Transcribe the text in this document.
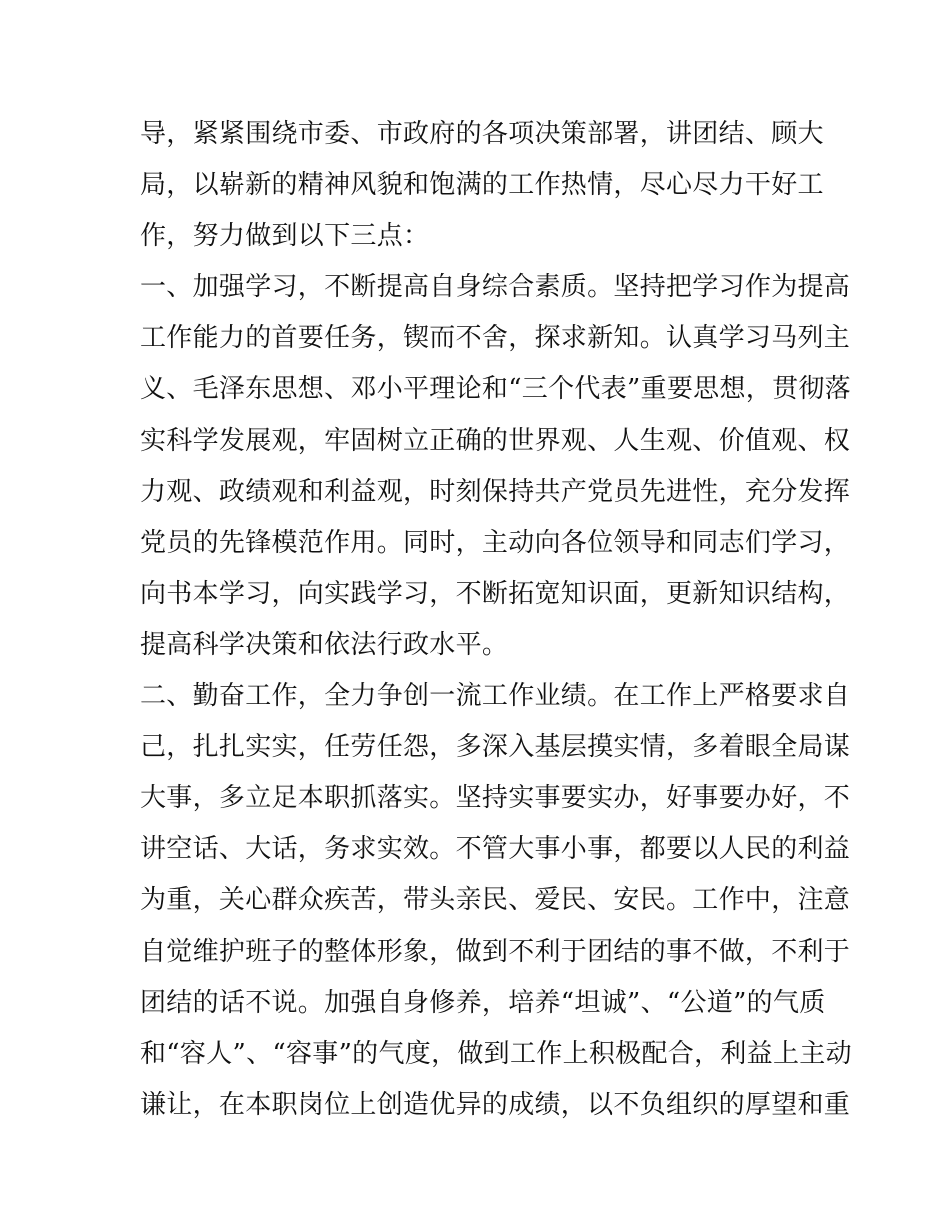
导，紧紧围绕市委、市政府的各项决策部署，讲团结、顾大
局，以崭新的精神风貌和饱满的工作热情，尽心尽力干好工
作，努力做到以下三点：
一、加强学习，不断提高自身综合素质。坚持把学习作为提高
工作能力的首要任务，锲而不舍，探求新知。认真学习马列主
义、毛泽东思想、邓小平理论和“三个代表”重要思想，贯彻落
实科学发展观，牢固树立正确的世界观、人生观、价值观、权
力观、政绩观和利益观，时刻保持共产党员先进性，充分发挥
党员的先锋模范作用。同时，主动向各位领导和同志们学习，
向书本学习，向实践学习，不断拓宽知识面，更新知识结构，
提高科学决策和依法行政水平。
二、勤奋工作，全力争创一流工作业绩。在工作上严格要求自
己，扎扎实实，任劳任怨，多深入基层摸实情，多着眼全局谋
大事，多立足本职抓落实。坚持实事要实办，好事要办好，不
讲空话、大话，务求实效。不管大事小事，都要以人民的利益
为重，关心群众疾苦，带头亲民、爱民、安民。工作中，注意
自觉维护班子的整体形象，做到不利于团结的事不做，不利于
团结的话不说。加强自身修养，培养“坦诚”、“公道”的气质
和“容人”、“容事”的气度，做到工作上积极配合，利益上主动
谦让，在本职岗位上创造优异的成绩，以不负组织的厚望和重
